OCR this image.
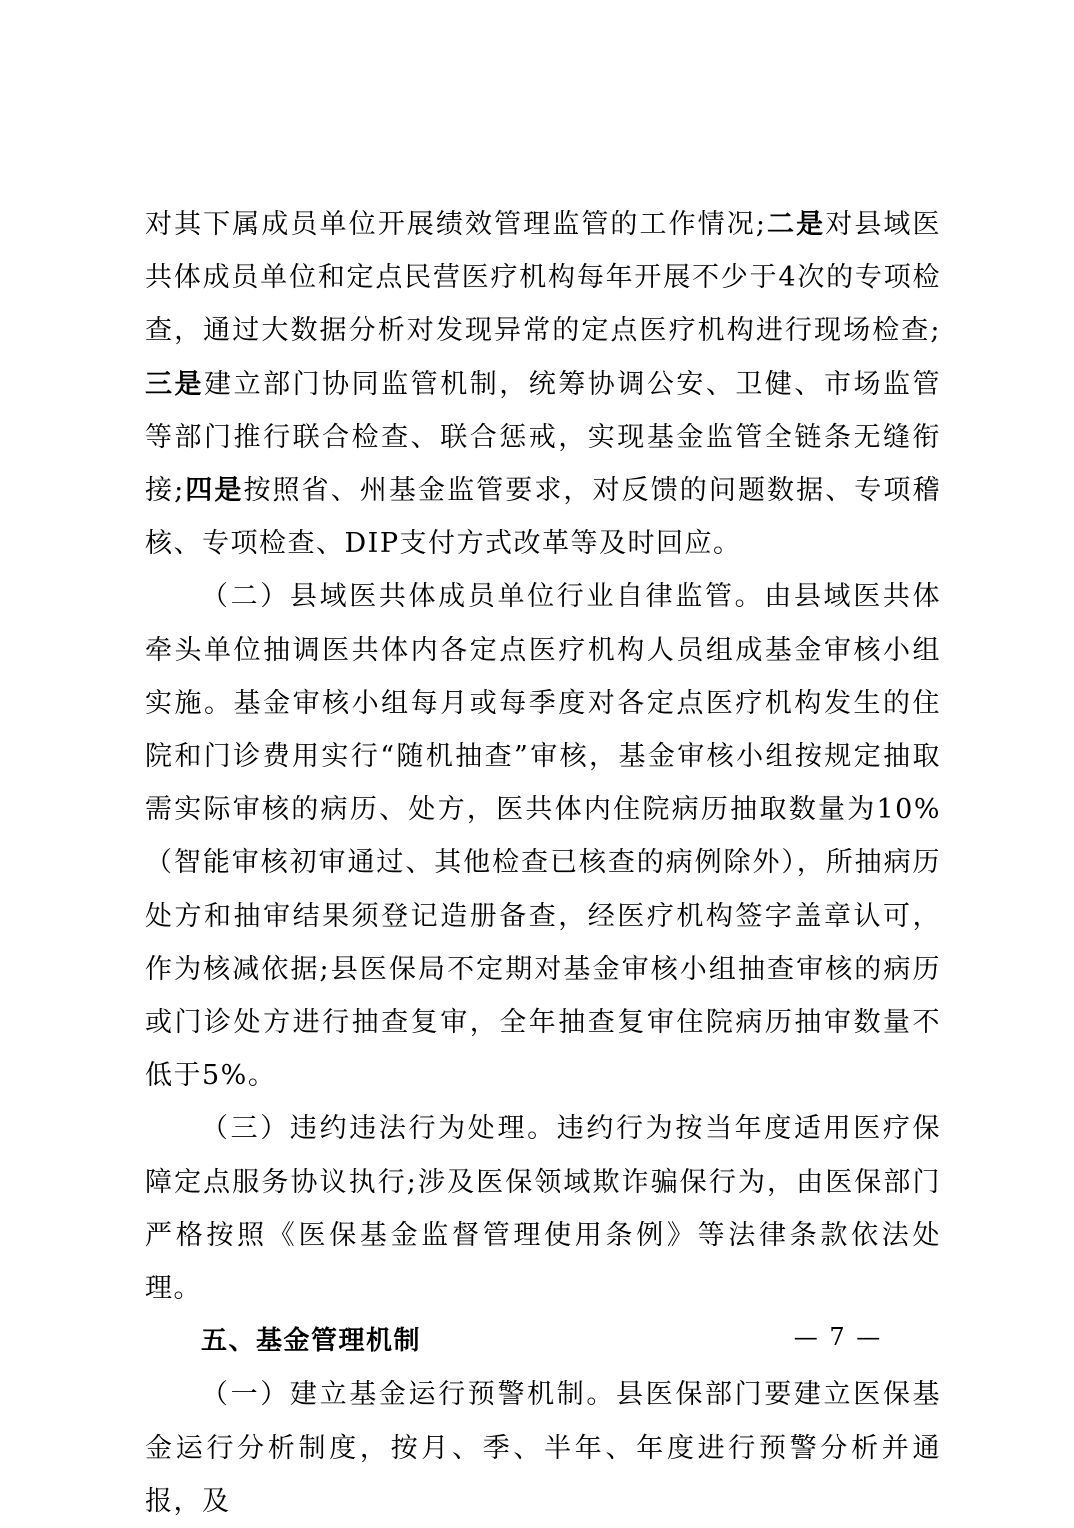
对其下属成员单位开展绩效管理监管的工作情况;二是对县域医共体成员单位和定点民营医疗机构每年开展不少于4次的专项检查，通过大数据分析对发现异常的定点医疗机构进行现场检查;三是建立部门协同监管机制，统筹协调公安、卫健、市场监管等部门推行联合检查、联合惩戒，实现基金监管全链条无缝衔接;四是按照省、州基金监管要求，对反馈的问题数据、专项稽核、专项检查、DIP支付方式改革等及时回应。

（二）县域医共体成员单位行业自律监管。由县域医共体牵头单位抽调医共体内各定点医疗机构人员组成基金审核小组实施。基金审核小组每月或每季度对各定点医疗机构发生的住院和门诊费用实行“随机抽查”审核，基金审核小组按规定抽取需实际审核的病历、处方，医共体内住院病历抽取数量为10%（智能审核初审通过、其他检查已核查的病例除外），所抽病历处方和抽审结果须登记造册备查，经医疗机构签字盖章认可，作为核减依据;县医保局不定期对基金审核小组抽查审核的病历或门诊处方进行抽查复审，全年抽查复审住院病历抽审数量不低于5%。

（三）违约违法行为处理。违约行为按当年度适用医疗保障定点服务协议执行;涉及医保领域欺诈骗保行为，由医保部门严格按照《医保基金监督管理使用条例》等法律条款依法处理。

五、基金管理机制

（一）建立基金运行预警机制。县医保部门要建立医保基金运行分析制度，按月、季、半年、年度进行预警分析并通报，及

— 7 —
